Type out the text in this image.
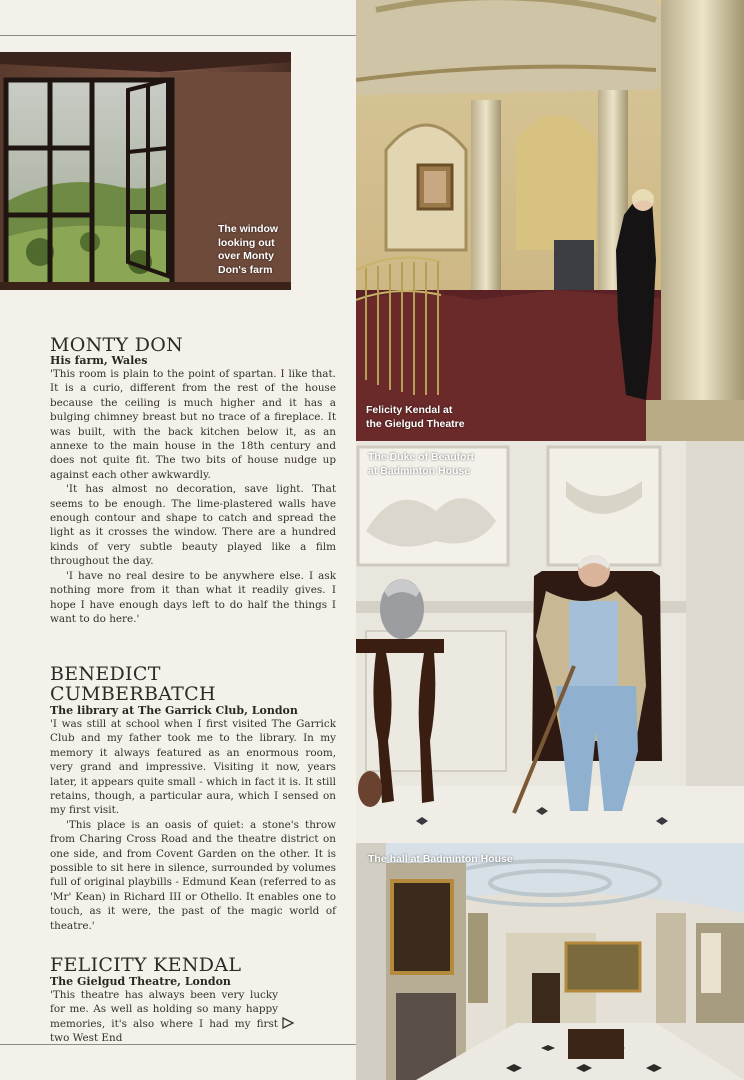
The window
looking out
over Monty
Don's farm
Felicity Kendal at
the Gielgud Theatre
The Duke of Beaufort
at Badminton House
The hall at Badminton House
MONTY DON
His farm, Wales

'This room is plain to the point of spartan. I like that. It is a curio, different from the rest of the house because the ceiling is much higher and it has a bulging chimney breast but no trace of a fireplace. It was built, with the back kitchen below it, as an annexe to the main house in the 18th century and does not quite fit. The two bits of house nudge up against each other awkwardly.

'It has almost no decoration, save light. That seems to be enough. The lime-plastered walls have enough contour and shape to catch and spread the light as it crosses the window. There are a hundred kinds of very subtle beauty played like a film throughout the day.

'I have no real desire to be anywhere else. I ask nothing more from it than what it readily gives. I hope I have enough days left to do half the things I want to do here.'

BENEDICT
CUMBERBATCH
The library at The Garrick Club, London

'I was still at school when I first visited The Garrick Club and my father took me to the library. In my memory it always featured as an enormous room, very grand and impressive. Visiting it now, years later, it appears quite small - which in fact it is. It still retains, though, a particular aura, which I sensed on my first visit.

'This place is an oasis of quiet: a stone's throw from Charing Cross Road and the theatre district on one side, and from Covent Garden on the other. It is possible to sit here in silence, surrounded by volumes full of original playbills - Edmund Kean (referred to as 'Mr' Kean) in Richard III or Othello. It enables one to touch, as it were, the past of the magic world of theatre.'

FELICITY KENDAL
The Gielgud Theatre, London

'This theatre has always been very lucky for me. As well as holding so many happy memories, it's also where I had my first two West End
